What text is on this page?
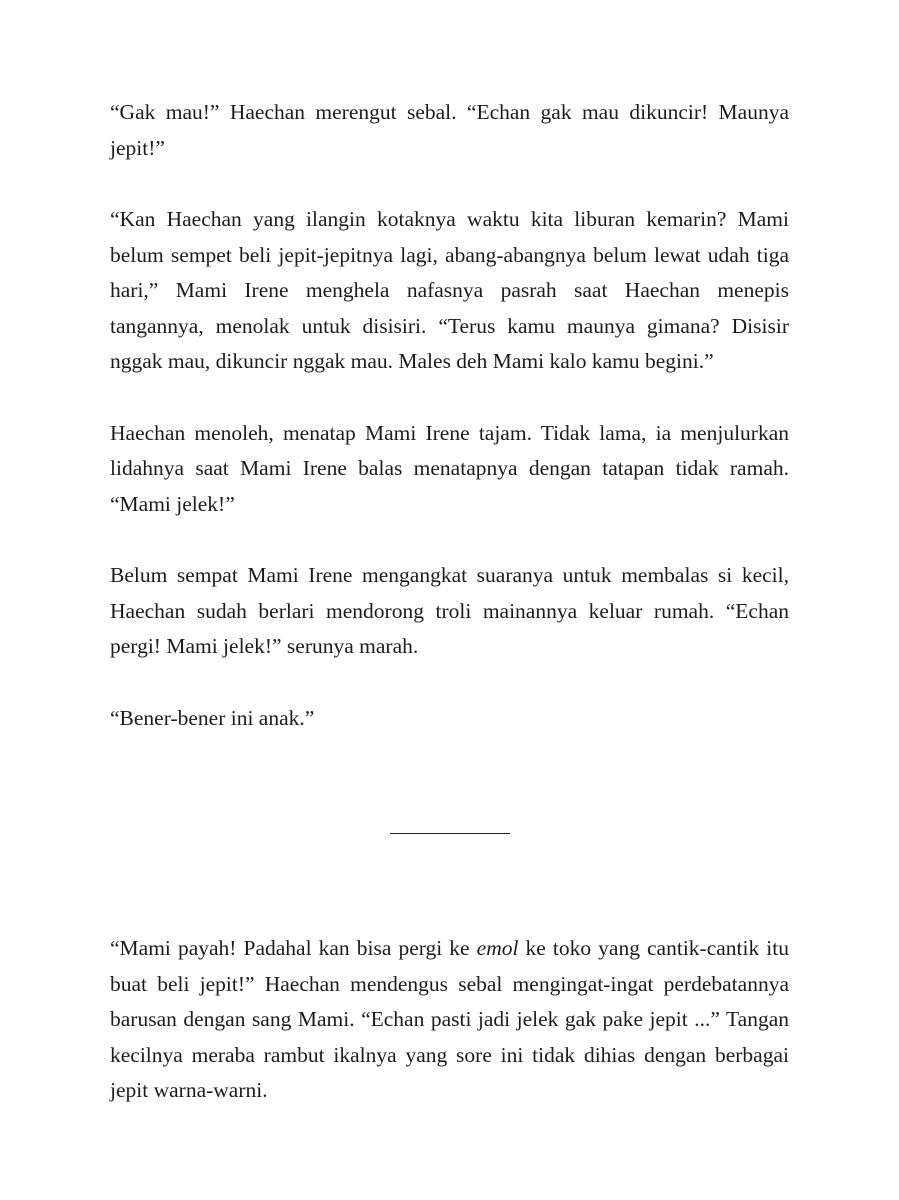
“Gak mau!” Haechan merengut sebal. “Echan gak mau dikuncir! Maunya jepit!”

“Kan Haechan yang ilangin kotaknya waktu kita liburan kemarin? Mami belum sempet beli jepit-jepitnya lagi, abang-abangnya belum lewat udah tiga hari,” Mami Irene menghela nafasnya pasrah saat Haechan menepis tangannya, menolak untuk disisiri. “Terus kamu maunya gimana? Disisir nggak mau, dikuncir nggak mau. Males deh Mami kalo kamu begini.”

Haechan menoleh, menatap Mami Irene tajam. Tidak lama, ia menjulurkan lidahnya saat Mami Irene balas menatapnya dengan tatapan tidak ramah. “Mami jelek!”

Belum sempat Mami Irene mengangkat suaranya untuk membalas si kecil, Haechan sudah berlari mendorong troli mainannya keluar rumah. “Echan pergi! Mami jelek!” serunya marah.

“Bener-bener ini anak.”

“Mami payah! Padahal kan bisa pergi ke emol ke toko yang cantik-cantik itu buat beli jepit!” Haechan mendengus sebal mengingat-ingat perdebatannya barusan dengan sang Mami. “Echan pasti jadi jelek gak pake jepit ...” Tangan kecilnya meraba rambut ikalnya yang sore ini tidak dihias dengan berbagai jepit warna-warni.
